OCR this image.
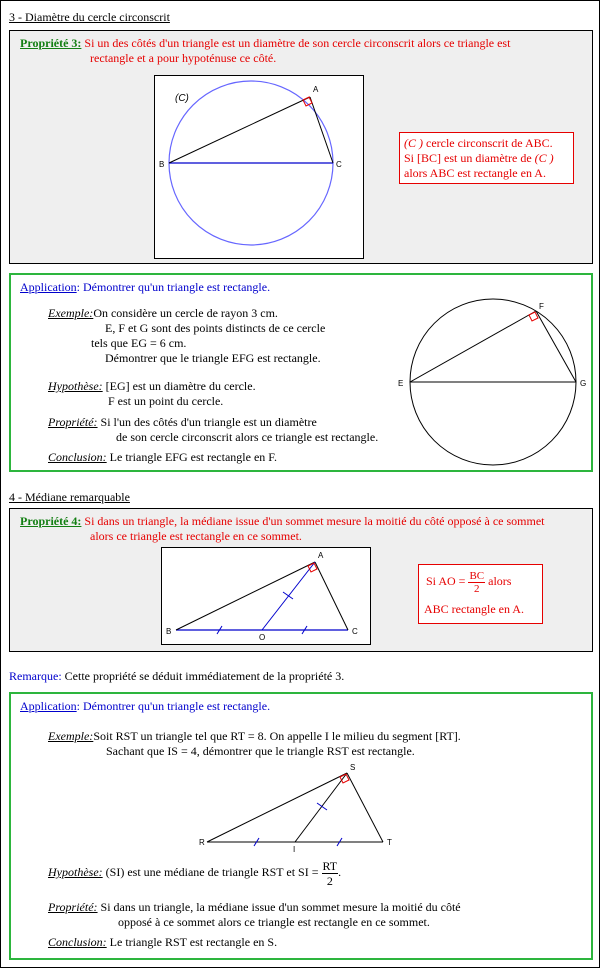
3 - Diamètre du cercle circonscrit
Propriété 3: Si un des côtés d'un triangle est un diamètre de son cercle circonscrit alors ce triangle est
rectangle et a pour hypoténuse ce côté.
(C)
A
B	C
(C ) cercle circonscrit de ABC.
Si [BC] est un diamètre de (C )
alors ABC est rectangle en A.
Application: Démontrer qu'un triangle est rectangle.
Exemple:On considère un cercle de rayon 3 cm.
E, F et G sont des points distincts de ce cercle
tels que EG = 6 cm.
Démontrer que le triangle EFG est rectangle.
Hypothèse: [EG] est un diamètre du cercle.
F est un point du cercle.
Propriété: Si l'un des côtés d'un triangle est un diamètre
de son cercle circonscrit alors ce triangle est rectangle.
Conclusion: Le triangle EFG est rectangle en F.
F
E	G
4 - Médiane remarquable
Propriété 4: Si dans un triangle, la médiane issue d'un sommet mesure la moitié du côté opposé à ce sommet
alors ce triangle est rectangle en ce sommet.
A
B
O
C
Si AO = $\frac{BC}{2}$ alors
ABC rectangle en A.
Remarque: Cette propriété se déduit immédiatement de la propriété 3.
Application: Démontrer qu'un triangle est rectangle.
Exemple:Soit RST un triangle tel que RT = 8. On appelle I le milieu du segment [RT].
Sachant que IS = 4, démontrer que le triangle RST est rectangle.
S
R
I
T
Hypothèse: (SI) est une médiane de triangle RST et SI = $\frac{RT}{2}$ .
Propriété: Si dans un triangle, la médiane issue d'un sommet mesure la moitié du côté
opposé à ce sommet alors ce triangle est rectangle en ce sommet.
Conclusion: Le triangle RST est rectangle en S.
